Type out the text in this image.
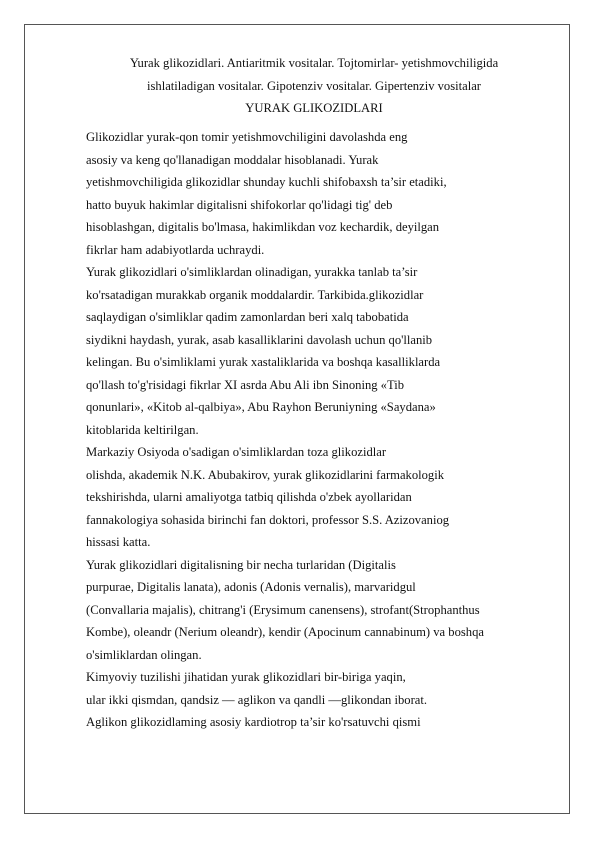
Yurak glikozidlari. Antiaritmik vositalar. Tojtomirlar- yetishmovchiligida
ishlatiladigan vositalar. Gipotenziv vositalar. Gipertenziv vositalar
YURAK GLIKOZIDLARI
Glikozidlar yurak-qon tomir yetishmovchiligini davolashda eng
asosiy va keng qo'llanadigan moddalar hisoblanadi. Yurak
yetishmovchiligida glikozidlar shunday kuchli shifobaxsh ta’sir etadiki,
hatto buyuk hakimlar digitalisni shifokorlar qo'lidagi tig' deb
hisoblashgan, digitalis bo'lmasa, hakimlikdan voz kechardik, deyilgan
fikrlar ham adabiyotlarda uchraydi.
Yurak glikozidlari o'simliklardan olinadigan, yurakka tanlab ta’sir
ko'rsatadigan murakkab organik moddalardir. Tarkibida.glikozidlar
saqlaydigan o'simliklar qadim zamonlardan beri xalq tabobatida
siydikni haydash, yurak, asab kasalliklarini davolash uchun qo'llanib
kelingan. Bu o'simliklami yurak xastaliklarida va boshqa kasalliklarda
qo'llash to'g'risidagi fikrlar XI asrda Abu Ali ibn Sinoning «Tib
qonunlari», «Kitob al-qalbiya», Abu Rayhon Beruniyning «Saydana»
kitoblarida keltirilgan.
Markaziy Osiyoda o'sadigan o'simliklardan toza glikozidlar
olishda, akademik N.K. Abubakirov, yurak glikozidlarini farmakologik
tekshirishda, ularni amaliyotga tatbiq qilishda o'zbek ayollaridan
fannakologiya sohasida birinchi fan doktori, professor S.S. Azizovaniog
hissasi katta.
Yurak glikozidlari digitalisning bir necha turlaridan (Digitalis
purpurae, Digitalis lanata), adonis (Adonis vernalis), marvaridgul
(Convallaria majalis), chitrang'i (Erysimum canensens), strofant(Strophanthus
Kombe), oleandr (Nerium oleandr), kendir (Apocinum cannabinum) va boshqa
o'simliklardan olingan.
Kimyoviy tuzilishi jihatidan yurak glikozidlari bir-biriga yaqin,
ular ikki qismdan, qandsiz — aglikon va qandli —glikondan iborat.
Aglikon glikozidlaming asosiy kardiotrop ta’sir ko'rsatuvchi qismi
